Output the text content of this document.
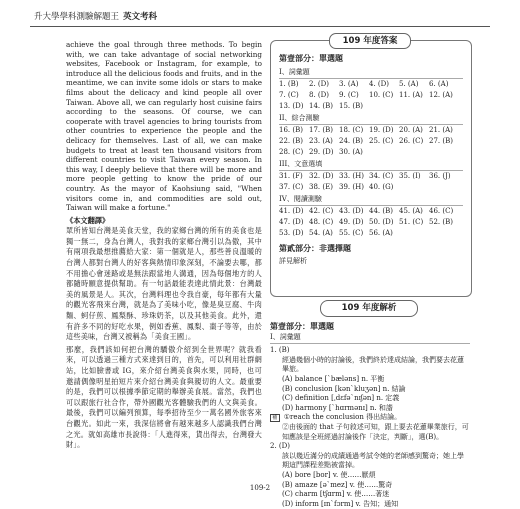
升大學學科測驗解題王 英文考科

achieve the goal through three methods. To begin with, we can take advantage of social networking websites, Facebook or Instagram, for example, to introduce all the delicious foods and fruits, and in the meantime, we can invite some idols or stars to make films about the delicacy and kind people all over Taiwan. Above all, we can regularly host cuisine fairs according to the seasons. Of course, we can cooperate with travel agencies to bring tourists from other countries to experience the people and the delicacy for themselves. Last of all, we can make budgets to treat at least ten thousand visitors from different countries to visit Taiwan every season. In this way, I deeply believe that there will be more and more people getting to know the pride of our country. As the mayor of Kaohsiung said, "When visitors come in, and commodities are sold out, Taiwan will make a fortune."

《本文翻譯》

眾所皆知台灣是美食天堂，我的家鄉台灣的所有的美食也是獨一無二，身為台灣人，我對我的家鄉台灣引以為傲，其中有兩項我最想推薦給大家：第一個就是人，那些善良溫暖的台灣人都對台灣人的好客與熱情印象深刻，不論要去哪，都不用擔心會迷路或是無法跟當地人溝通，因為每個地方的人都隨時願意提供幫助。有一句話最能表達此情此景：台灣最美的風景是人。其次，台灣料理也令我自豪，每年都有大量的觀光客飛來台灣，就是為了美味小吃，像是臭豆腐、牛肉麵、蚵仔煎、鳳梨酥、珍珠奶茶，以及其他美食。此外，還有許多不同的好吃水果，例如香蕉、鳳梨、棗子等等，由於這些美味，台灣又被稱為「美食王國」。

那麼，我們該如何把台灣的驕傲介紹到全世界呢？就我看來，可以透過三種方式來達到目的，首先，可以利用社群網站，比如臉書或 IG，來介紹台灣美食與水果，同時，也可邀請偶像明星拍短片來介紹台灣美食與親切的人文。最重要的是，我們可以根據季節定期的舉辦美食展。當然，我們也可以跟旅行社合作，帶外國觀光客體驗我們的人文與美食。最後，我們可以編列預算，每季招待至少一萬名國外旅客來台觀光。如此一來，我深信將會有越來越多人認識我們台灣之光。就如高雄市長說得：「人進得來，貨出得去，台灣發大財」。

109 年度答案
第壹部分：單選題
I、詞彙題
1. (B)	2. (D)	3. (A)	4. (D)	5. (A)	6. (A)
7. (C)	8. (D)	9. (C)	10. (C) 11. (A) 12. (A)
13. (D) 14. (B) 15. (B)
II、綜合測驗
16. (B) 17. (B) 18. (C) 19. (D) 20. (A) 21. (A)
22. (B) 23. (A) 24. (B) 25. (C) 26. (C) 27. (B)
28. (C) 29. (D) 30. (A)
III、文意選填
31. (F) 32. (D) 33. (H) 34. (C) 35. (I)	36. (J)
37. (C) 38. (E) 39. (H) 40. (G)
IV、閱讀測驗
41. (D) 42. (C) 43. (D) 44. (B) 45. (A) 46. (C)
47. (D) 48. (C) 49. (D) 50. (D) 51. (C) 52. (B)
53. (D) 54. (A) 55. (C) 56. (A)
第貳部分：非選擇題
詳見解析
109 年度解析
第壹部分：單選題
I、詞彙題
1. (B)
經過幾個小時的討論後，我們終於達成結論，我們要去花蓮畢旅。
(A) balance [ˋbæləns] n. 平衡
(B) conclusion [kənˋkluʒən] n. 結論
(C) definition [ˌdɛfəˋnɪʃən] n. 定義
(D) harmony [ˋhɑrmənɪ] n. 和諧
補 ①reach the conclusion 得出結論。
②由後面的 that 子句敘述可知，跟上要去花蓮畢業旅行，可知應該是全班經過討論後作「決定，判斷」，選(B)。
2. (D)
該以幾近滿分的成績通過考試令她的老師感到驚奇；她上學期這門課程差點被當掉。
(A) bore [bor] v. 使……厭煩
(B) amaze [əˋmez] v. 使……驚奇
(C) charm [tʃɑrm] v. 使……著迷
(D) inform [ɪnˋfɔrm] v. 告知；通知
109-2
